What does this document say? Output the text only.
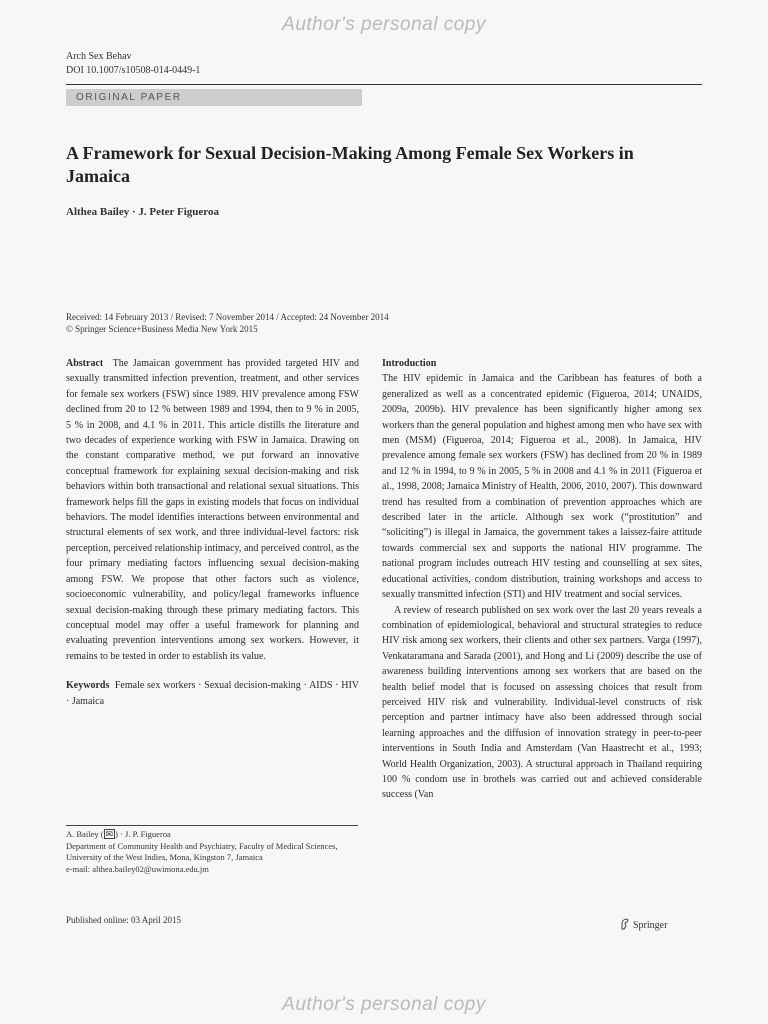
Author's personal copy
Arch Sex Behav
DOI 10.1007/s10508-014-0449-1
ORIGINAL PAPER
A Framework for Sexual Decision-Making Among Female Sex Workers in Jamaica
Althea Bailey · J. Peter Figueroa
Received: 14 February 2013 / Revised: 7 November 2014 / Accepted: 24 November 2014
© Springer Science+Business Media New York 2015

Abstract The Jamaican government has provided targeted HIV and sexually transmitted infection prevention, treatment, and other services for female sex workers (FSW) since 1989. HIV prevalence among FSW declined from 20 to 12 % between 1989 and 1994, then to 9 % in 2005, 5 % in 2008, and 4.1 % in 2011. This article distills the literature and two decades of experience working with FSW in Jamaica. Drawing on the constant comparative method, we put forward an innovative conceptual framework for explaining sexual decision-making and risk behaviors within both transactional and relational sexual situations. This framework helps fill the gaps in existing models that focus on individual behaviors. The model identifies interactions between environmental and structural elements of sex work, and three individual-level factors: risk perception, perceived relationship intimacy, and perceived control, as the four primary mediating factors influencing sexual decision-making among FSW. We propose that other factors such as violence, socioeconomic vulnerability, and policy/legal frameworks influence sexual decision-making through these primary mediating factors. This conceptual model may offer a useful framework for planning and evaluating prevention interventions among sex workers. However, it remains to be tested in order to establish its value.

Keywords Female sex workers · Sexual decision-making · AIDS · HIV · Jamaica

Introduction

The HIV epidemic in Jamaica and the Caribbean has features of both a generalized as well as a concentrated epidemic (Figueroa, 2014; UNAIDS, 2009a, 2009b). HIV prevalence has been significantly higher among sex workers than the general population and highest among men who have sex with men (MSM) (Figueroa, 2014; Figueroa et al., 2008). In Jamaica, HIV prevalence among female sex workers (FSW) has declined from 20 % in 1989 and 12 % in 1994, to 9 % in 2005, 5 % in 2008 and 4.1 % in 2011 (Figueroa et al., 1998, 2008; Jamaica Ministry of Health, 2006, 2010, 2007). This downward trend has resulted from a combination of prevention approaches which are described later in the article. Although sex work (“prostitution” and “soliciting”) is illegal in Jamaica, the government takes a laissez-faire attitude towards commercial sex and supports the national HIV programme. The national program includes outreach HIV testing and counselling at sex sites, educational activities, condom distribution, training workshops and access to sexually transmitted infection (STI) and HIV treatment and social services.

A review of research published on sex work over the last 20 years reveals a combination of epidemiological, behavioral and structural strategies to reduce HIV risk among sex workers, their clients and other sex partners. Varga (1997), Venkataramana and Sarada (2001), and Hong and Li (2009) describe the use of awareness building interventions among sex workers that are based on the health belief model that is focused on assessing choices that result from perceived HIV risk and vulnerability. Individual-level constructs of risk perception and partner intimacy have also been addressed through social learning approaches and the diffusion of innovation strategy in peer-to-peer interventions in South India and Amsterdam (Van Haastrecht et al., 1993; World Health Organization, 2003). A structural approach in Thailand requiring 100 % condom use in brothels was carried out and achieved considerable success (Van

A. Bailey ( ✉ ) · J. P. Figueroa
Department of Community Health and Psychiatry, Faculty of Medical Sciences, University of the West Indies, Mona, Kingston 7, Jamaica
e-mail: althea.bailey02@uwimona.edu.jm
Published online: 03 April 2015	Springer
Author's personal copy
